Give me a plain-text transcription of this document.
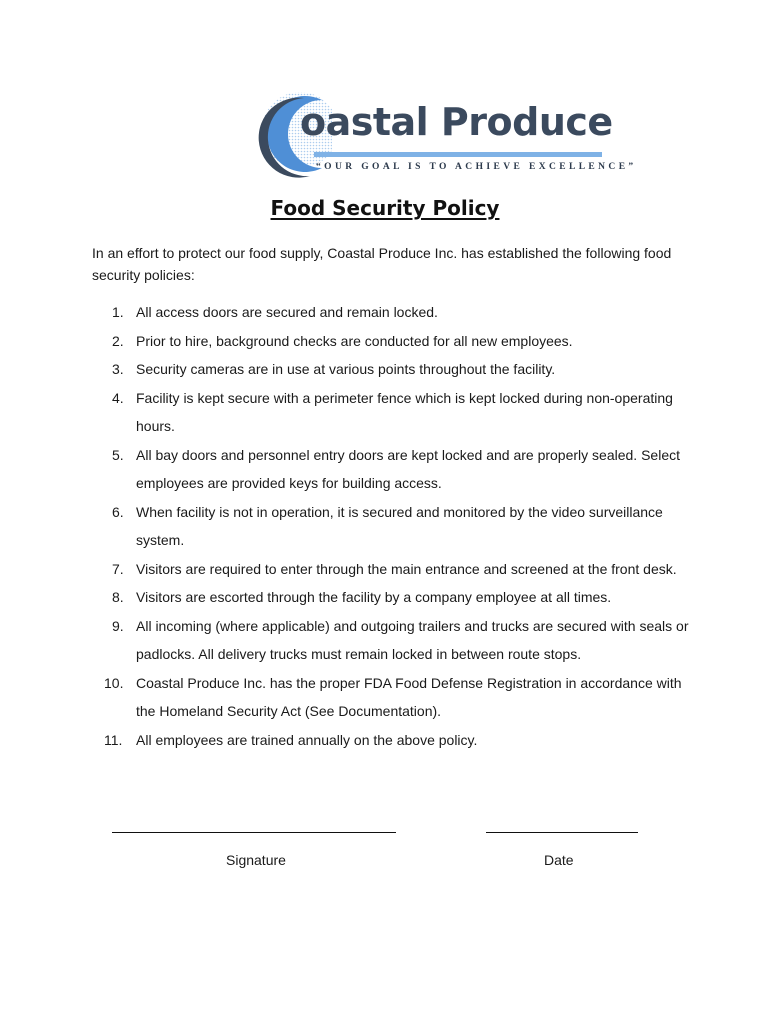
oastal Produce
“OUR GOAL IS TO ACHIEVE EXCELLENCE”
Food Security Policy
In an effort to protect our food supply, Coastal Produce Inc. has established the following food security policies:
1. All access doors are secured and remain locked.
2. Prior to hire, background checks are conducted for all new employees.
3. Security cameras are in use at various points throughout the facility.
4. Facility is kept secure with a perimeter fence which is kept locked during non-operating hours.
5. All bay doors and personnel entry doors are kept locked and are properly sealed. Select employees are provided keys for building access.
6. When facility is not in operation, it is secured and monitored by the video surveillance system.
7. Visitors are required to enter through the main entrance and screened at the front desk.
8. Visitors are escorted through the facility by a company employee at all times.
9. All incoming (where applicable) and outgoing trailers and trucks are secured with seals or padlocks. All delivery trucks must remain locked in between route stops.
10. Coastal Produce Inc. has the proper FDA Food Defense Registration in accordance with the Homeland Security Act (See Documentation).
11. All employees are trained annually on the above policy.
Signature	Date
